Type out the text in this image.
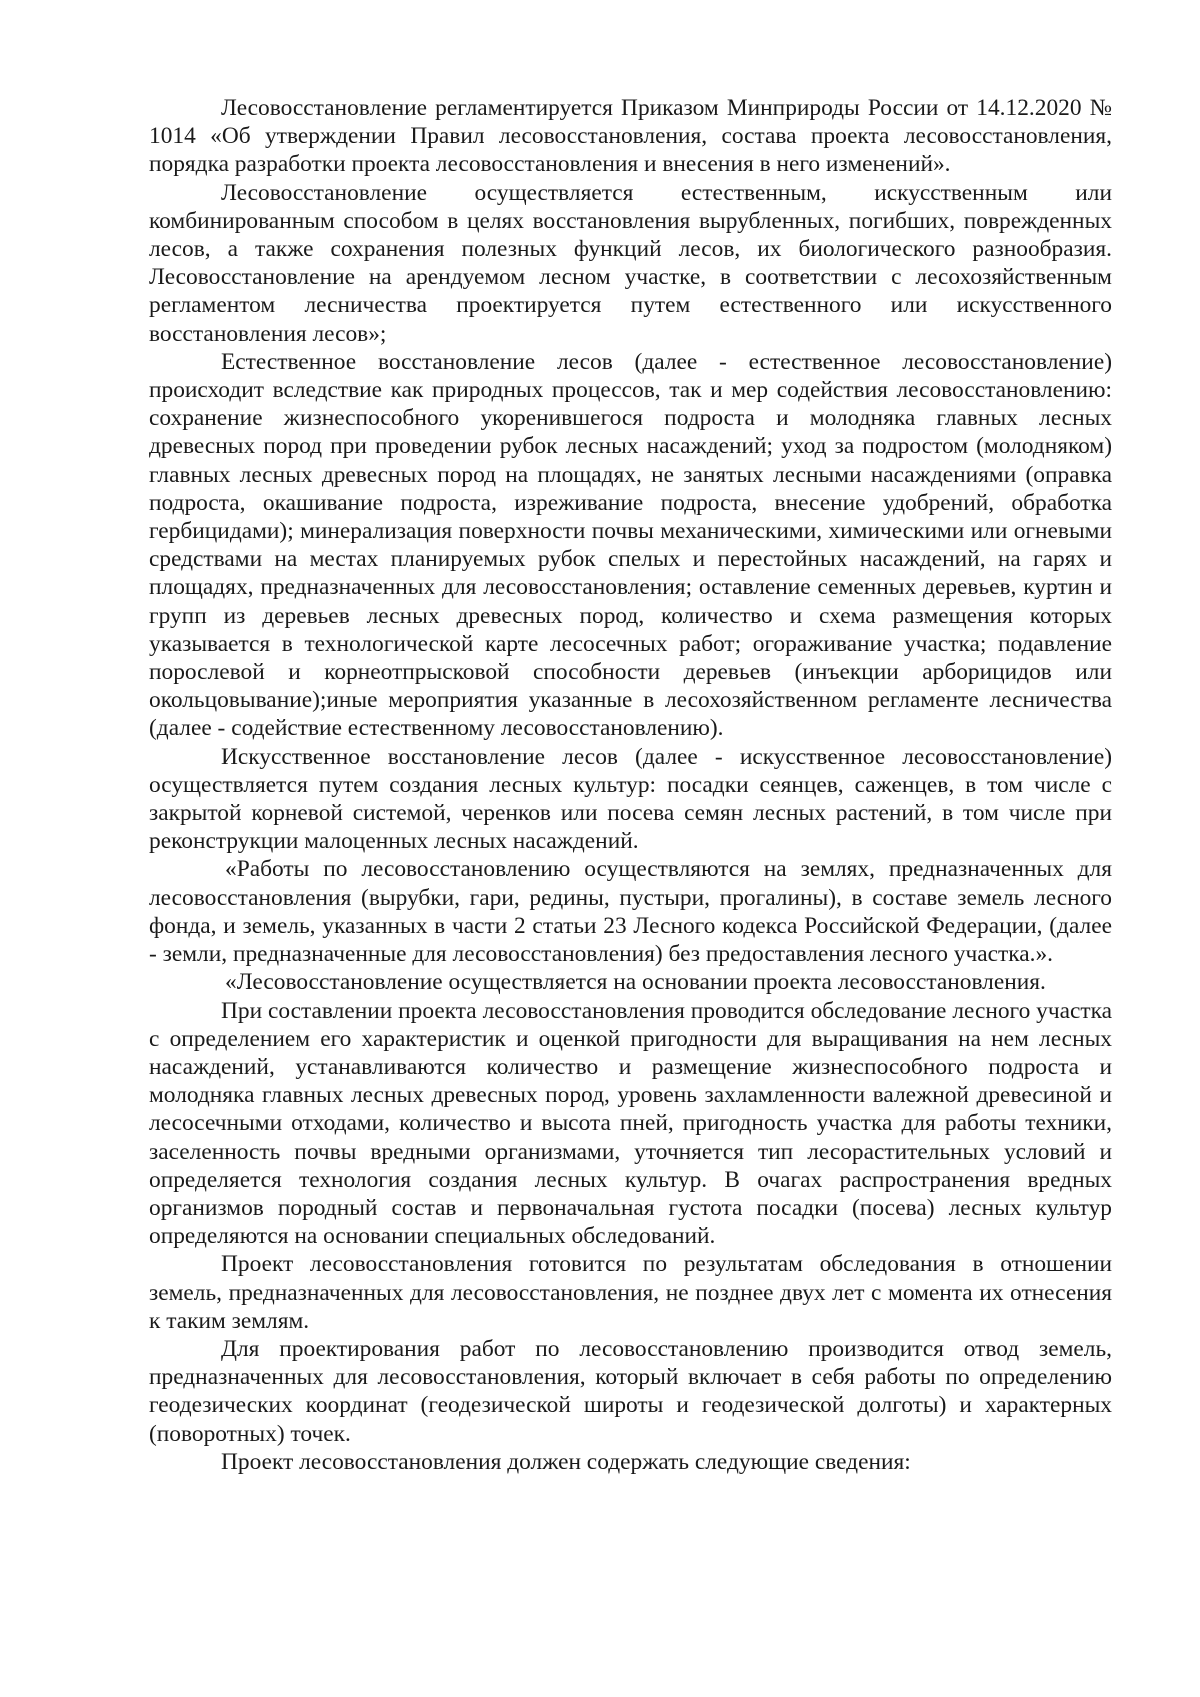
Лесовосстановление регламентируется Приказом Минприроды России от 14.12.2020 № 1014 «Об утверждении Правил лесовосстановления, состава проекта лесовосстановления, порядка разработки проекта лесовосстановления и внесения в него изменений».

Лесовосстановление осуществляется естественным, искусственным или комбинированным способом в целях восстановления вырубленных, погибших, поврежденных лесов, а также сохранения полезных функций лесов, их биологического разнообразия. Лесовосстановление на арендуемом лесном участке, в соответствии с лесохозяйственным регламентом лесничества проектируется путем естественного или искусственного восстановления лесов»;

Естественное восстановление лесов (далее - естественное лесовосстановление) происходит вследствие как природных процессов, так и мер содействия лесовосстановлению: сохранение жизнеспособного укоренившегося подроста и молодняка главных лесных древесных пород при проведении рубок лесных насаждений; уход за подростом (молодняком) главных лесных древесных пород на площадях, не занятых лесными насаждениями (оправка подроста, окашивание подроста, изреживание подроста, внесение удобрений, обработка гербицидами); минерализация поверхности почвы механическими, химическими или огневыми средствами на местах планируемых рубок спелых и перестойных насаждений, на гарях и площадях, предназначенных для лесовосстановления; оставление семенных деревьев, куртин и групп из деревьев лесных древесных пород, количество и схема размещения которых указывается в технологической карте лесосечных работ; огораживание участка; подавление порослевой и корнеотпрысковой способности деревьев (инъекции арборицидов или окольцовывание);иные мероприятия указанные в лесохозяйственном регламенте лесничества (далее - содействие естественному лесовосстановлению).

Искусственное восстановление лесов (далее - искусственное лесовосстановление) осуществляется путем создания лесных культур: посадки сеянцев, саженцев, в том числе с закрытой корневой системой, черенков или посева семян лесных растений, в том числе при реконструкции малоценных лесных насаждений.

«Работы по лесовосстановлению осуществляются на землях, предназначенных для лесовосстановления (вырубки, гари, редины, пустыри, прогалины), в составе земель лесного фонда, и земель, указанных в части 2 статьи 23 Лесного кодекса Российской Федерации, (далее - земли, предназначенные для лесовосстановления) без предоставления лесного участка.».

«Лесовосстановление осуществляется на основании проекта лесовосстановления.

При составлении проекта лесовосстановления проводится обследование лесного участка с определением его характеристик и оценкой пригодности для выращивания на нем лесных насаждений, устанавливаются количество и размещение жизнеспособного подроста и молодняка главных лесных древесных пород, уровень захламленности валежной древесиной и лесосечными отходами, количество и высота пней, пригодность участка для работы техники, заселенность почвы вредными организмами, уточняется тип лесорастительных условий и определяется технология создания лесных культур. В очагах распространения вредных организмов породный состав и первоначальная густота посадки (посева) лесных культур определяются на основании специальных обследований.

Проект лесовосстановления готовится по результатам обследования в отношении земель, предназначенных для лесовосстановления, не позднее двух лет с момента их отнесения к таким землям.

Для проектирования работ по лесовосстановлению производится отвод земель, предназначенных для лесовосстановления, который включает в себя работы по определению геодезических координат (геодезической широты и геодезической долготы) и характерных (поворотных) точек.

Проект лесовосстановления должен содержать следующие сведения:
